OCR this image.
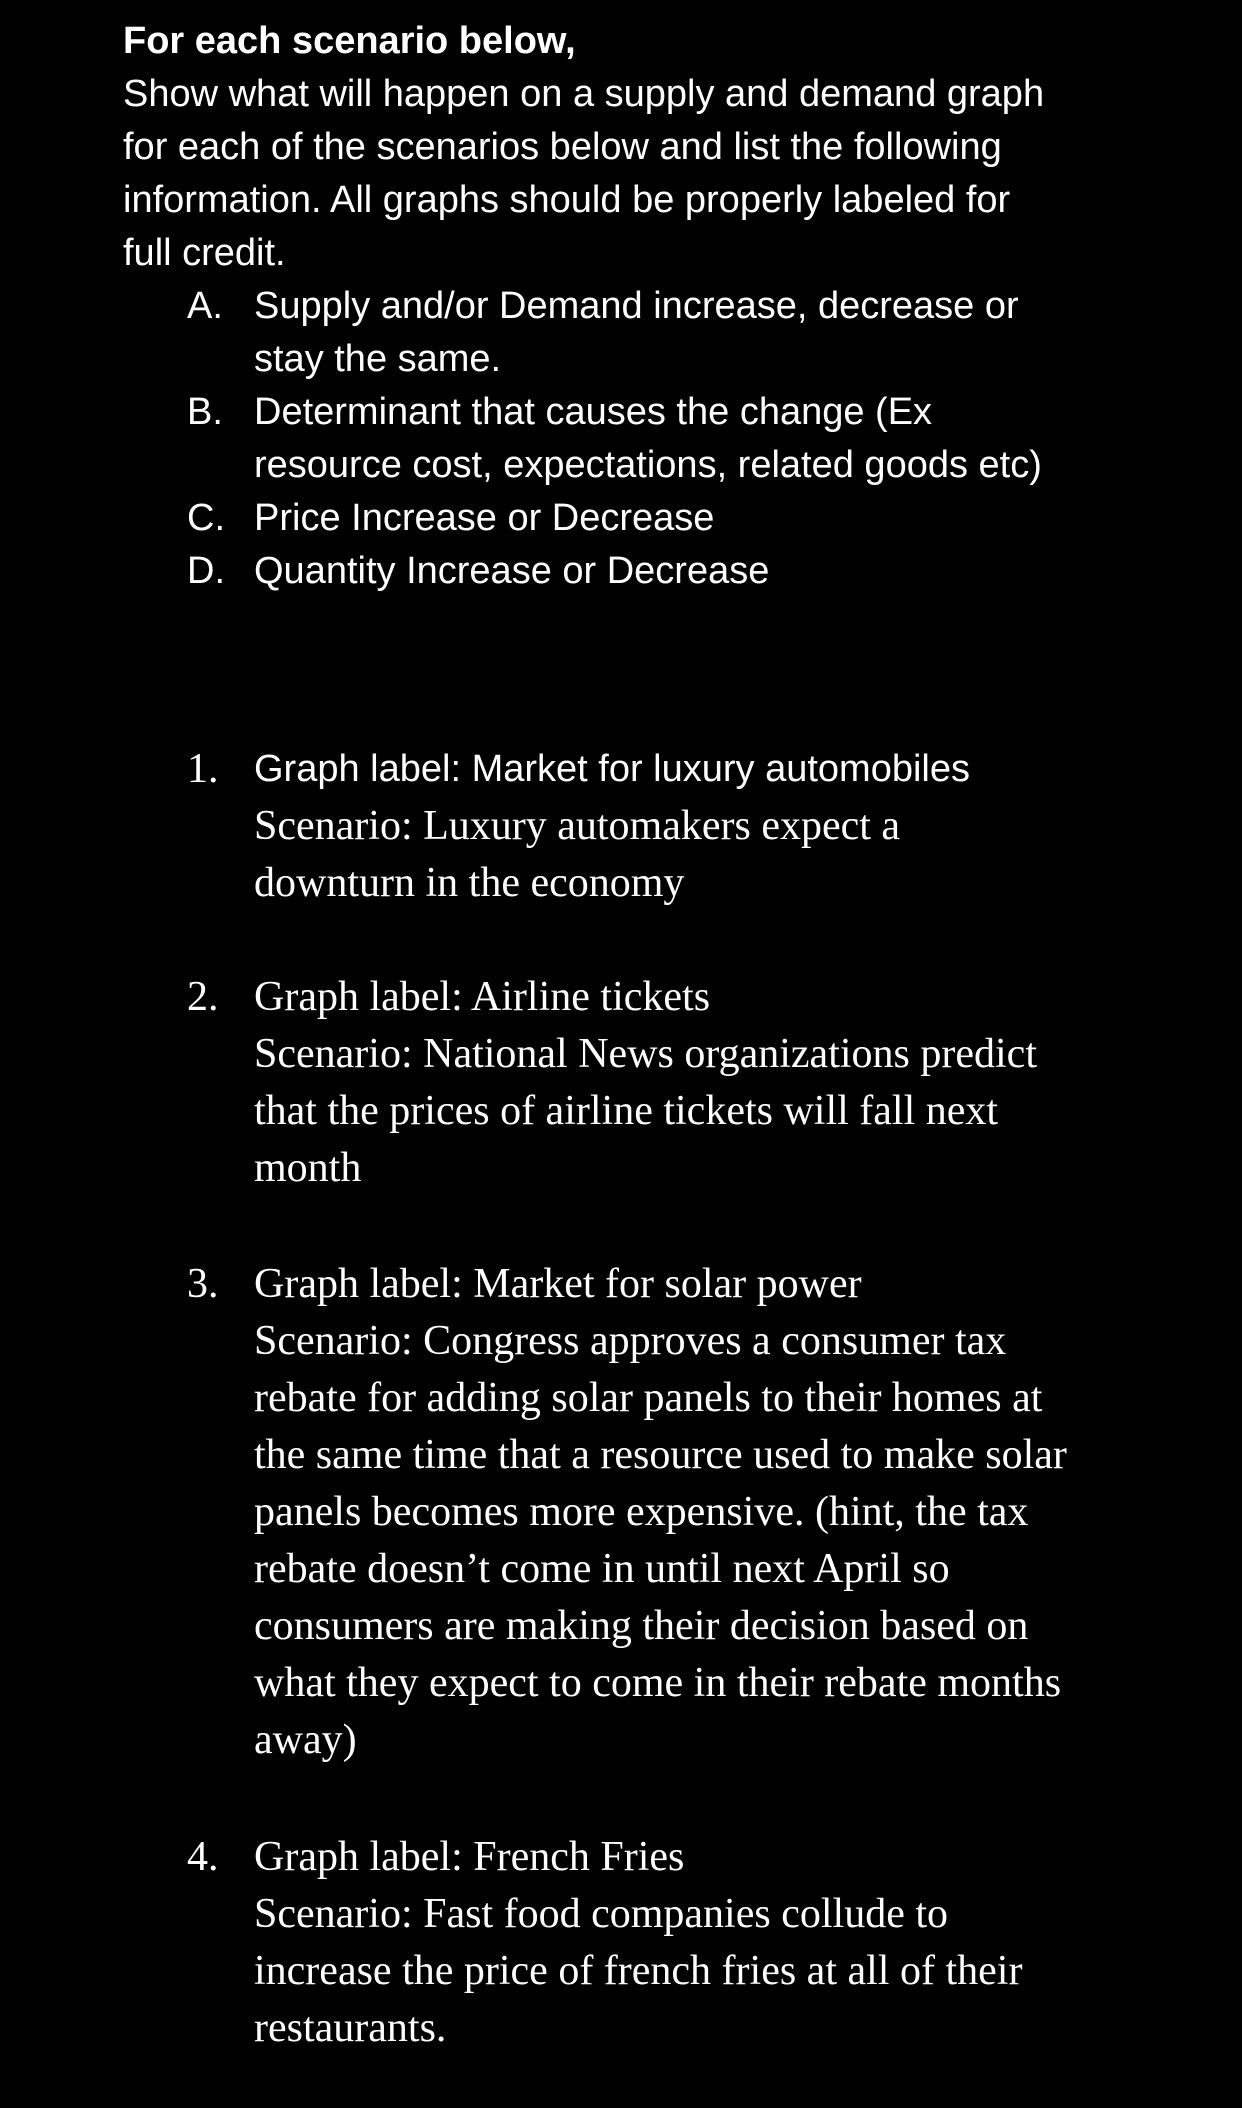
For each scenario below,
Show what will happen on a supply and demand graph
for each of the scenarios below and list the following
information. All graphs should be properly labeled for
full credit.
A. Supply and/or Demand increase, decrease or
stay the same.
B. Determinant that causes the change (Ex
resource cost, expectations, related goods etc)
C. Price Increase or Decrease
D. Quantity Increase or Decrease
1. Graph label: Market for luxury automobiles
Scenario: Luxury automakers expect a
downturn in the economy
2. Graph label: Airline tickets
Scenario: National News organizations predict
that the prices of airline tickets will fall next
month
3. Graph label: Market for solar power
Scenario: Congress approves a consumer tax
rebate for adding solar panels to their homes at
the same time that a resource used to make solar
panels becomes more expensive. (hint, the tax
rebate doesn’t come in until next April so
consumers are making their decision based on
what they expect to come in their rebate months
away)
4. Graph label: French Fries
Scenario: Fast food companies collude to
increase the price of french fries at all of their
restaurants.
